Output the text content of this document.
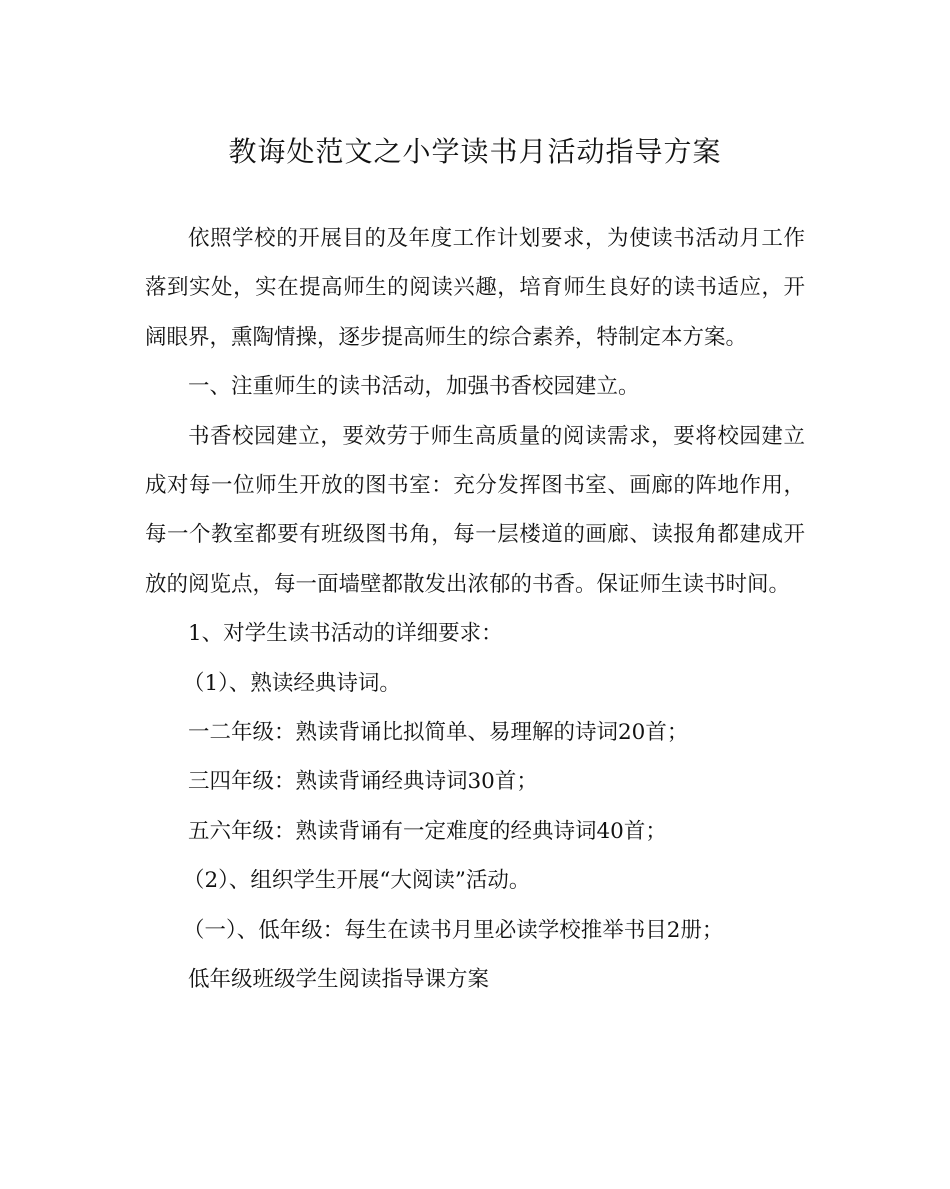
教诲处范文之小学读书月活动指导方案

依照学校的开展目的及年度工作计划要求，为使读书活动月工作落到实处，实在提高师生的阅读兴趣，培育师生良好的读书适应，开阔眼界，熏陶情操，逐步提高师生的综合素养，特制定本方案。

一、注重师生的读书活动，加强书香校园建立。

书香校园建立，要效劳于师生高质量的阅读需求，要将校园建立成对每一位师生开放的图书室：充分发挥图书室、画廊的阵地作用，每一个教室都要有班级图书角，每一层楼道的画廊、读报角都建成开放的阅览点，每一面墙壁都散发出浓郁的书香。保证师生读书时间。

1、对学生读书活动的详细要求：

（1）、熟读经典诗词。

一二年级：熟读背诵比拟简单、易理解的诗词20首；

三四年级：熟读背诵经典诗词30首；

五六年级：熟读背诵有一定难度的经典诗词40首；

（2）、组织学生开展“大阅读”活动。

（一）、低年级：每生在读书月里必读学校推举书目2册；

低年级班级学生阅读指导课方案
